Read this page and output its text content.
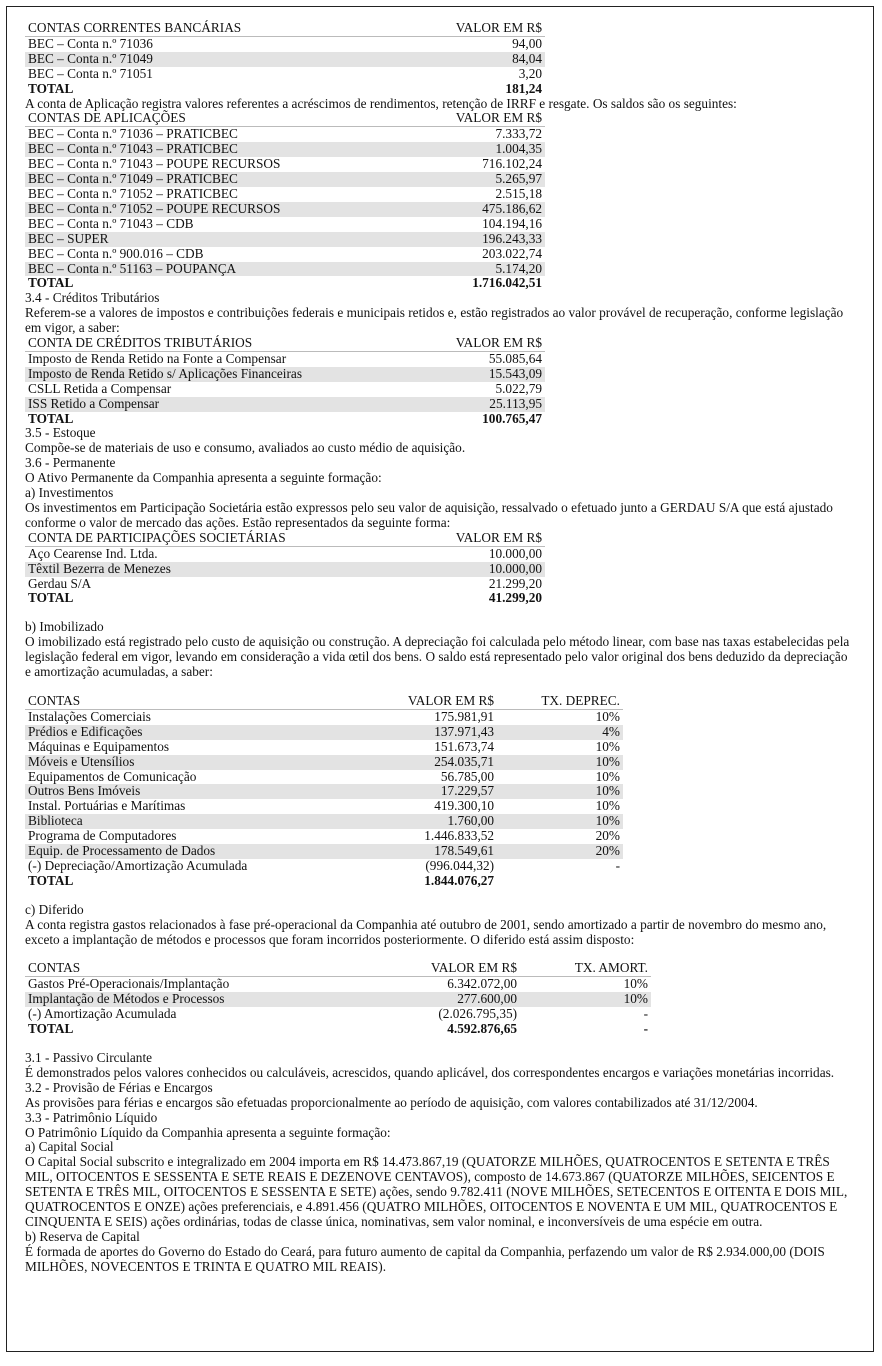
CONTAS CORRENTES BANCÁRIAS	VALOR EM R$
BEC – Conta n.º 71036	94,00
BEC – Conta n.º 71049	84,04
BEC – Conta n.º 71051	3,20
TOTAL	181,24

A conta de Aplicação registra valores referentes a acréscimos de rendimentos, retenção de IRRF e resgate. Os saldos são os seguintes:

CONTAS DE APLICAÇÕES	VALOR EM R$
BEC – Conta n.º 71036 – PRATICBEC	7.333,72
BEC – Conta n.º 71043 – PRATICBEC	1.004,35
BEC – Conta n.º 71043 – POUPE RECURSOS	716.102,24
BEC – Conta n.º 71049 – PRATICBEC	5.265,97
BEC – Conta n.º 71052 – PRATICBEC	2.515,18
BEC – Conta n.º 71052 – POUPE RECURSOS	475.186,62
BEC – Conta n.º 71043 – CDB	104.194,16
BEC – SUPER	196.243,33
BEC – Conta n.º 900.016 – CDB	203.022,74
BEC – Conta n.º 51163 – POUPANÇA	5.174,20
TOTAL	1.716.042,51

3.4 - Créditos Tributários

Referem-se a valores de impostos e contribuições federais e municipais retidos e, estão registrados ao valor provável de recuperação, conforme legislação em vigor, a saber:

CONTA DE CRÉDITOS TRIBUTÁRIOS	VALOR EM R$
Imposto de Renda Retido na Fonte a Compensar	55.085,64
Imposto de Renda Retido s/ Aplicações Financeiras	15.543,09
CSLL Retida a Compensar	5.022,79
ISS Retido a Compensar	25.113,95
TOTAL	100.765,47

3.5 - Estoque

Compõe-se de materiais de uso e consumo, avaliados ao custo médio de aquisição.

3.6 - Permanente

O Ativo Permanente da Companhia apresenta a seguinte formação:

a) Investimentos

Os investimentos em Participação Societária estão expressos pelo seu valor de aquisição, ressalvado o efetuado junto a GERDAU S/A que está ajustado conforme o valor de mercado das ações. Estão representados da seguinte forma:

CONTA DE PARTICIPAÇÕES SOCIETÁRIAS	VALOR EM R$
Aço Cearense Ind. Ltda.	10.000,00
Têxtil Bezerra de Menezes	10.000,00
Gerdau S/A	21.299,20
TOTAL	41.299,20

b) Imobilizado

O imobilizado está registrado pelo custo de aquisição ou construção. A depreciação foi calculada pelo método linear, com base nas taxas estabelecidas pela legislação federal em vigor, levando em consideração a vida œtil dos bens. O saldo está representado pelo valor original dos bens deduzido da depreciação e amortização acumuladas, a saber:

CONTAS	VALOR EM R$	TX. DEPREC.
Instalações Comerciais	175.981,91	10%
Prédios e Edificações	137.971,43	4%
Máquinas e Equipamentos	151.673,74	10%
Móveis e Utensílios	254.035,71	10%
Equipamentos de Comunicação	56.785,00	10%
Outros Bens Imóveis	17.229,57	10%
Instal. Portuárias e Marítimas	419.300,10	10%
Biblioteca	1.760,00	10%
Programa de Computadores	1.446.833,52	20%
Equip. de Processamento de Dados	178.549,61	20%
(-) Depreciação/Amortização Acumulada	(996.044,32)	-
TOTAL	1.844.076,27	

c) Diferido

A conta registra gastos relacionados à fase pré-operacional da Companhia até outubro de 2001, sendo amortizado a partir de novembro do mesmo ano, exceto a implantação de métodos e processos que foram incorridos posteriormente. O diferido está assim disposto:

CONTAS	VALOR EM R$	TX. AMORT.
Gastos Pré-Operacionais/Implantação	6.342.072,00	10%
Implantação de Métodos e Processos	277.600,00	10%
(-) Amortização Acumulada	(2.026.795,35)	-
TOTAL	4.592.876,65	-

3.1 - Passivo Circulante

É demonstrados pelos valores conhecidos ou calculáveis, acrescidos, quando aplicável, dos correspondentes encargos e variações monetárias incorridas.

3.2 - Provisão de Férias e Encargos

As provisões para férias e encargos são efetuadas proporcionalmente ao período de aquisição, com valores contabilizados até 31/12/2004.

3.3 - Patrimônio Líquido

O Patrimônio Líquido da Companhia apresenta a seguinte formação:

a) Capital Social

O Capital Social subscrito e integralizado em 2004 importa em R$ 14.473.867,19 (QUATORZE MILHÕES, QUATROCENTOS E SETENTA E TRÊS MIL, OITOCENTOS E SESSENTA E SETE REAIS E DEZENOVE CENTAVOS), composto de 14.673.867 (QUATORZE MILHÕES, SEICENTOS E SETENTA E TRÊS MIL, OITOCENTOS E SESSENTA E SETE) ações, sendo 9.782.411 (NOVE MILHÕES, SETECENTOS E OITENTA E DOIS MIL, QUATROCENTOS E ONZE) ações preferenciais, e 4.891.456 (QUATRO MILHÕES, OITOCENTOS E NOVENTA E UM MIL, QUATROCENTOS E CINQUENTA E SEIS) ações ordinárias, todas de classe única, nominativas, sem valor nominal, e inconversíveis de uma espécie em outra.

b) Reserva de Capital

É formada de aportes do Governo do Estado do Ceará, para futuro aumento de capital da Companhia, perfazendo um valor de R$ 2.934.000,00 (DOIS MILHÕES, NOVECENTOS E TRINTA E QUATRO MIL REAIS).
